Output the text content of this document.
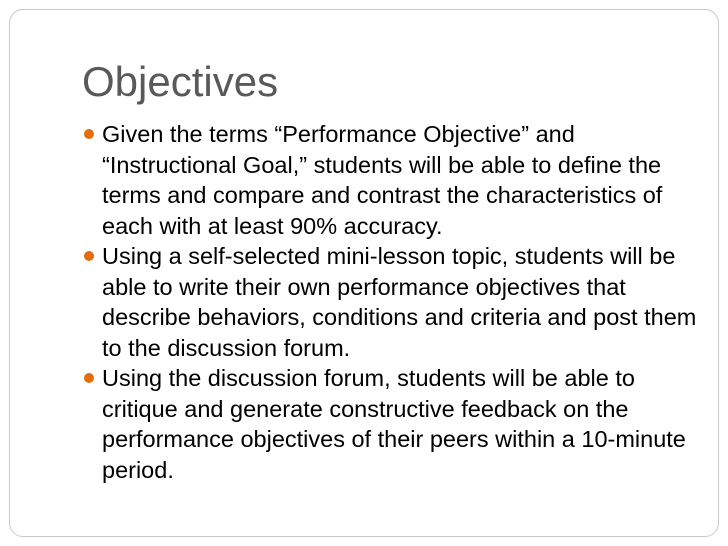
Objectives
Given the terms “Performance Objective” and “Instructional Goal,” students will be able to define the terms and compare and contrast the characteristics of each with at least 90% accuracy.
Using a self-selected mini-lesson topic, students will be able to write their own performance objectives that describe behaviors, conditions and criteria and post them to the discussion forum.
Using the discussion forum, students will be able to critique and generate constructive feedback on the performance objectives of their peers within a 10-minute period.
